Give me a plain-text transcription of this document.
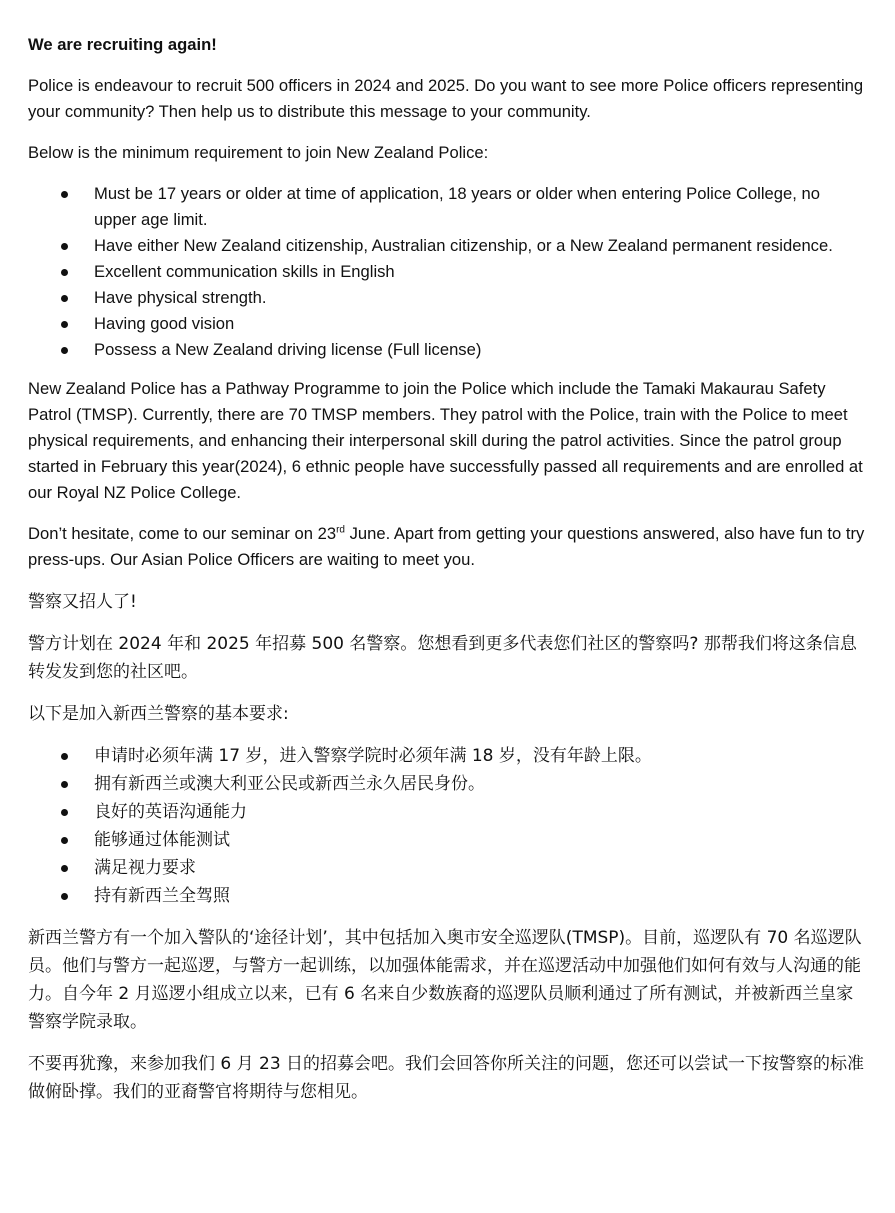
We are recruiting again!

Police is endeavour to recruit 500 officers in 2024 and 2025. Do you want to see more Police officers representing your community? Then help us to distribute this message to your community.

Below is the minimum requirement to join New Zealand Police:

Must be 17 years or older at time of application, 18 years or older when entering Police College, no upper age limit.
Have either New Zealand citizenship, Australian citizenship, or a New Zealand permanent residence.
Excellent communication skills in English
Have physical strength.
Having good vision
Possess a New Zealand driving license (Full license)

New Zealand Police has a Pathway Programme to join the Police which include the Tamaki Makaurau Safety Patrol (TMSP). Currently, there are 70 TMSP members. They patrol with the Police, train with the Police to meet physical requirements, and enhancing their interpersonal skill during the patrol activities. Since the patrol group started in February this year(2024), 6 ethnic people have successfully passed all requirements and are enrolled at our Royal NZ Police College.

Don’t hesitate, come to our seminar on 23rd June. Apart from getting your questions answered, also have fun to try press-ups. Our Asian Police Officers are waiting to meet you.

警察又招人了!

警方计划在 2024 年和 2025 年招募 500 名警察。您想看到更多代表您们社区的警察吗? 那帮我们将这条信息转发发到您的社区吧。

以下是加入新西兰警察的基本要求:

申请时必须年满 17 岁，进入警察学院时必须年满 18 岁，没有年龄上限。
拥有新西兰或澳大利亚公民或新西兰永久居民身份。
良好的英语沟通能力
能够通过体能测试
满足视力要求
持有新西兰全驾照

新西兰警方有一个加入警队的‘途径计划’，其中包括加入奥市安全巡逻队(TMSP)。目前，巡逻队有 70 名巡逻队员。他们与警方一起巡逻，与警方一起训练，以加强体能需求，并在巡逻活动中加强他们如何有效与人沟通的能力。自今年 2 月巡逻小组成立以来，已有 6 名来自少数族裔的巡逻队员顺利通过了所有测试，并被新西兰皇家警察学院录取。

不要再犹豫，来参加我们 6 月 23 日的招募会吧。我们会回答你所关注的问题，您还可以尝试一下按警察的标准做俯卧撑。我们的亚裔警官将期待与您相见。
